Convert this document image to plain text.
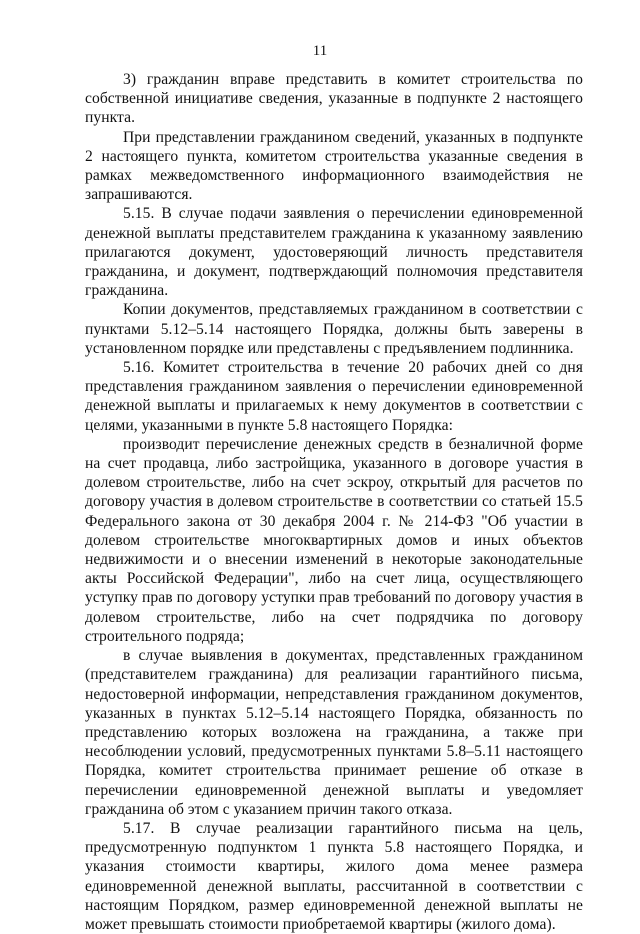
11

3) гражданин вправе представить в комитет строительства по собственной инициативе сведения, указанные в подпункте 2 настоящего пункта.

При представлении гражданином сведений, указанных в подпункте 2 настоящего пункта, комитетом строительства указанные сведения в рамках межведомственного информационного взаимодействия не запрашиваются.

5.15. В случае подачи заявления о перечислении единовременной денежной выплаты представителем гражданина к указанному заявлению прилагаются документ, удостоверяющий личность представителя гражданина, и документ, подтверждающий полномочия представителя гражданина.

Копии документов, представляемых гражданином в соответствии с пунктами 5.12–5.14 настоящего Порядка, должны быть заверены в установленном порядке или представлены с предъявлением подлинника.

5.16. Комитет строительства в течение 20 рабочих дней со дня представления гражданином заявления о перечислении единовременной денежной выплаты и прилагаемых к нему документов в соответствии с целями, указанными в пункте 5.8 настоящего Порядка:

производит перечисление денежных средств в безналичной форме на счет продавца, либо застройщика, указанного в договоре участия в долевом строительстве, либо на счет эскроу, открытый для расчетов по договору участия в долевом строительстве в соответствии со статьей 15.5 Федерального закона от 30 декабря 2004 г. № 214-ФЗ "Об участии в долевом строительстве многоквартирных домов и иных объектов недвижимости и о внесении изменений в некоторые законодательные акты Российской Федерации", либо на счет лица, осуществляющего уступку прав по договору уступки прав требований по договору участия в долевом строительстве, либо на счет подрядчика по договору строительного подряда;

в случае выявления в документах, представленных гражданином (представителем гражданина) для реализации гарантийного письма, недостоверной информации, непредставления гражданином документов, указанных в пунктах 5.12–5.14 настоящего Порядка, обязанность по представлению которых возложена на гражданина, а также при несоблюдении условий, предусмотренных пунктами 5.8–5.11 настоящего Порядка, комитет строительства принимает решение об отказе в перечислении единовременной денежной выплаты и уведомляет гражданина об этом с указанием причин такого отказа.

5.17. В случае реализации гарантийного письма на цель, предусмотренную подпунктом 1 пункта 5.8 настоящего Порядка, и указания стоимости квартиры, жилого дома менее размера единовременной денежной выплаты, рассчитанной в соответствии с настоящим Порядком, размер единовременной денежной выплаты не может превышать стоимости приобретаемой квартиры (жилого дома).
